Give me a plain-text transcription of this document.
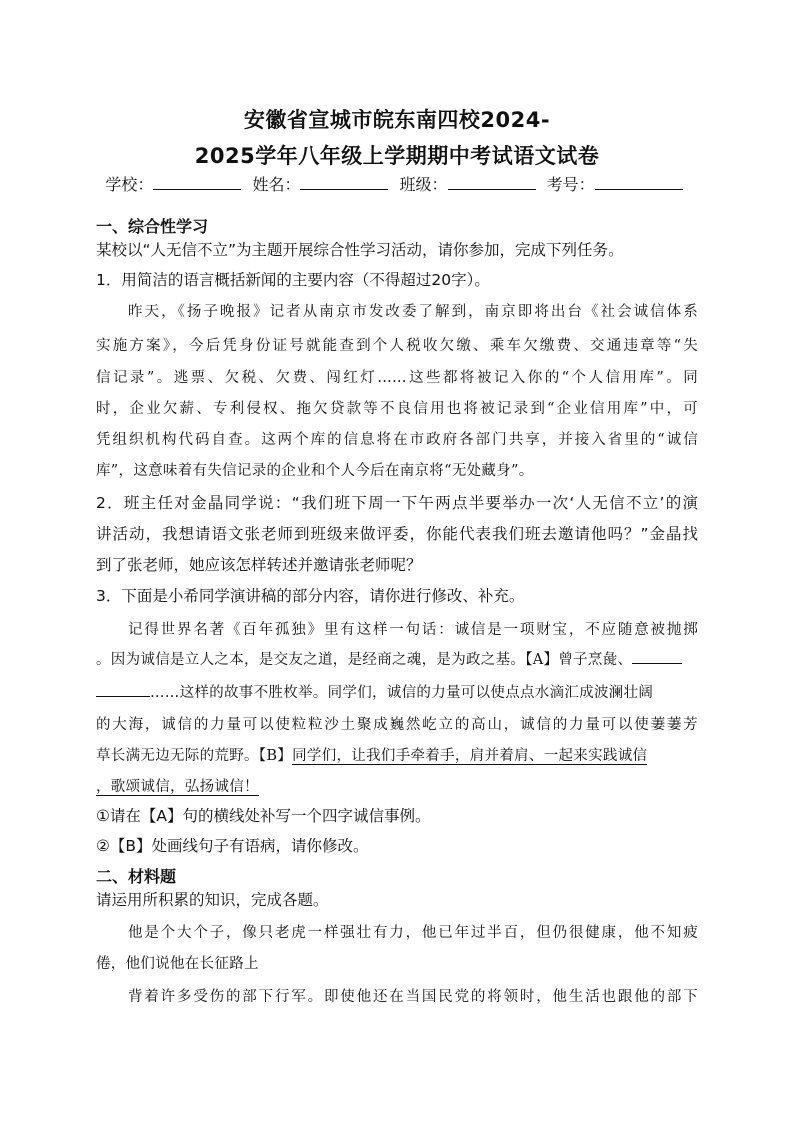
安徽省宣城市皖东南四校2024-
2025学年八年级上学期期中考试语文试卷
学校：	姓名：	班级：	考号：
一、综合性学习
某校以“人无信不立”为主题开展综合性学习活动，请你参加，完成下列任务。
1．用简洁的语言概括新闻的主要内容（不得超过20字）。
昨天，《扬子晚报》记者从南京市发改委了解到，南京即将出台《社会诚信体系
实施方案》，今后凭身份证号就能查到个人税收欠缴、乘车欠缴费、交通违章等“失
信记录”。逃票、欠税、欠费、闯红灯……这些都将被记入你的“个人信用库”。同
时，企业欠薪、专利侵权、拖欠贷款等不良信用也将被记录到“企业信用库”中，可
凭组织机构代码自查。这两个库的信息将在市政府各部门共享，并接入省里的“诚信
库”，这意味着有失信记录的企业和个人今后在南京将“无处藏身”。
2．班主任对金晶同学说：“我们班下周一下午两点半要举办一次‘人无信不立’的演
讲活动，我想请语文张老师到班级来做评委，你能代表我们班去邀请他吗？”金晶找
到了张老师，她应该怎样转述并邀请张老师呢？
3．下面是小希同学演讲稿的部分内容，请你进行修改、补充。
记得世界名著《百年孤独》里有这样一句话：诚信是一项财宝，不应随意被抛掷
。因为诚信是立人之本，是交友之道，是经商之魂，是为政之基。【A】曾子烹彘、
……这样的故事不胜枚举。同学们，诚信的力量可以使点点水滴汇成波澜壮阔
的大海，诚信的力量可以使粒粒沙土聚成巍然屹立的高山，诚信的力量可以使萋萋芳
草长满无边无际的荒野。【B】同学们，让我们手牵着手，肩并着肩、一起来实践诚信
，歌颂诚信，弘扬诚信！
①请在【A】句的横线处补写一个四字诚信事例。
②【B】处画线句子有语病，请你修改。
二、材料题
请运用所积累的知识，完成各题。
他是个大个子，像只老虎一样强壮有力，他已年过半百，但仍很健康，他不知疲
倦，他们说他在长征路上
背着许多受伤的部下行军。即使他还在当国民党的将领时，他生活也跟他的部下
